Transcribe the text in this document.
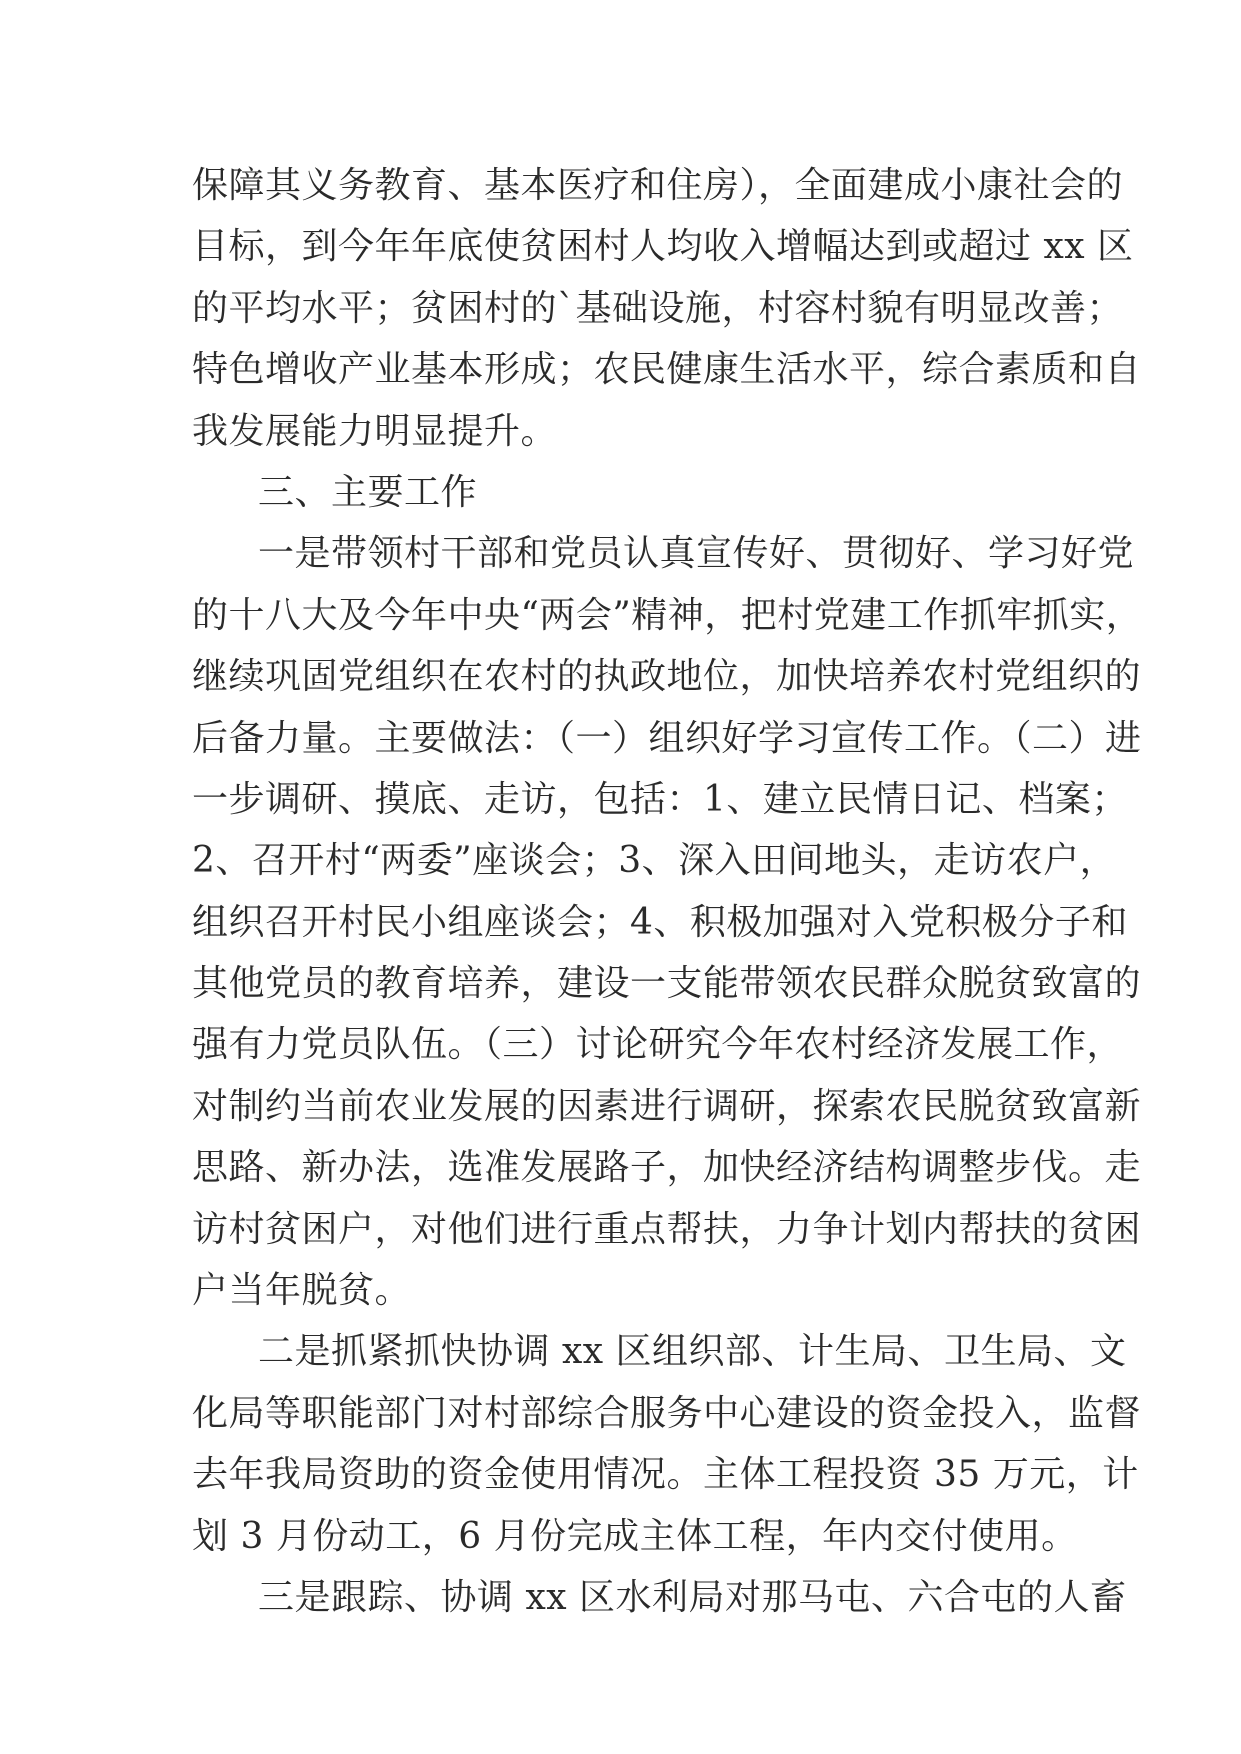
保障其义务教育、基本医疗和住房），全面建成小康社会的
目标，到今年年底使贫困村人均收入增幅达到或超过 xx 区
的平均水平；贫困村的`基础设施，村容村貌有明显改善；
特色增收产业基本形成；农民健康生活水平，综合素质和自
我发展能力明显提升。
三、主要工作
一是带领村干部和党员认真宣传好、贯彻好、学习好党
的十八大及今年中央“两会”精神，把村党建工作抓牢抓实，
继续巩固党组织在农村的执政地位，加快培养农村党组织的
后备力量。主要做法：（一）组织好学习宣传工作。（二）进
一步调研、摸底、走访，包括：1、建立民情日记、档案；
2、召开村“两委”座谈会；3、深入田间地头，走访农户，
组织召开村民小组座谈会；4、积极加强对入党积极分子和
其他党员的教育培养，建设一支能带领农民群众脱贫致富的
强有力党员队伍。（三）讨论研究今年农村经济发展工作，
对制约当前农业发展的因素进行调研，探索农民脱贫致富新
思路、新办法，选准发展路子，加快经济结构调整步伐。走
访村贫困户，对他们进行重点帮扶，力争计划内帮扶的贫困
户当年脱贫。
二是抓紧抓快协调 xx 区组织部、计生局、卫生局、文
化局等职能部门对村部综合服务中心建设的资金投入，监督
去年我局资助的资金使用情况。主体工程投资 35 万元，计
划 3 月份动工，6 月份完成主体工程，年内交付使用。
三是跟踪、协调 xx 区水利局对那马屯、六合屯的人畜
